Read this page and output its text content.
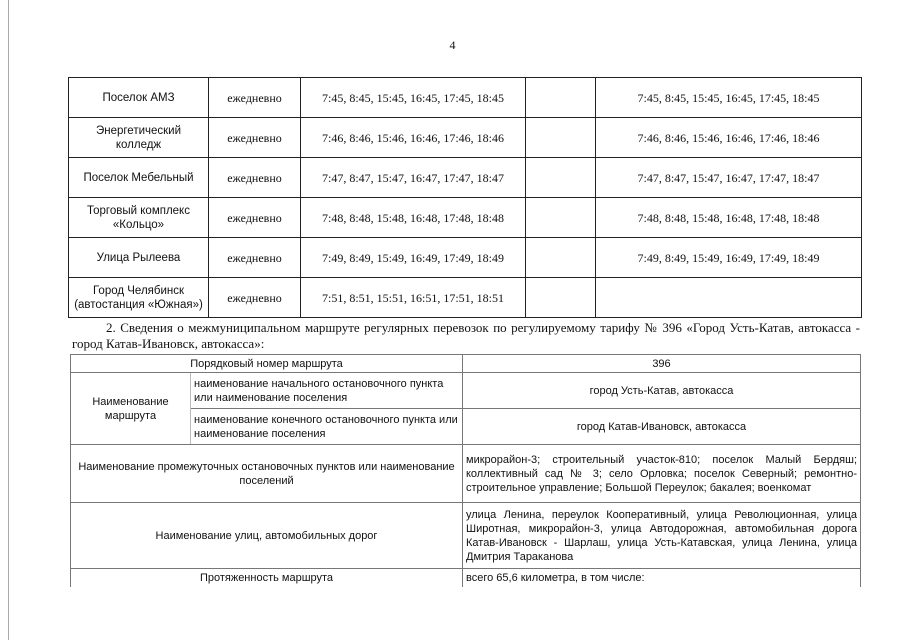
4
Поселок АМЗ	ежедневно	7:45, 8:45, 15:45, 16:45, 17:45, 18:45		7:45, 8:45, 15:45, 16:45, 17:45, 18:45
Энергетический колледж	ежедневно	7:46, 8:46, 15:46, 16:46, 17:46, 18:46		7:46, 8:46, 15:46, 16:46, 17:46, 18:46
Поселок Мебельный	ежедневно	7:47, 8:47, 15:47, 16:47, 17:47, 18:47		7:47, 8:47, 15:47, 16:47, 17:47, 18:47
Торговый комплекс «Кольцо»	ежедневно	7:48, 8:48, 15:48, 16:48, 17:48, 18:48		7:48, 8:48, 15:48, 16:48, 17:48, 18:48
Улица Рылеева	ежедневно	7:49, 8:49, 15:49, 16:49, 17:49, 18:49		7:49, 8:49, 15:49, 16:49, 17:49, 18:49
Город Челябинск (автостанция «Южная»)	ежедневно	7:51, 8:51, 15:51, 16:51, 17:51, 18:51		
2. Сведения о межмуниципальном маршруте регулярных перевозок по регулируемому тарифу № 396 «Город Усть-Катав, автокасса - город Катав-Ивановск, автокасса»:
Порядковый номер маршрута		396
Наименование маршрута	наименование начального остановочного пункта или наименование поселения	город Усть-Катав, автокасса
	наименование конечного остановочного пункта или наименование поселения	город Катав-Ивановск, автокасса
Наименование промежуточных остановочных пунктов или наименование поселений		микрорайон-3; строительный участок-810; поселок Малый Бердяш; коллективный сад № 3; село Орловка; поселок Северный; ремонтно-строительное управление; Большой Переулок; бакалея; военкомат
Наименование улиц, автомобильных дорог		улица Ленина, переулок Кооперативный, улица Революционная, улица Широтная, микрорайон-3, улица Автодорожная, автомобильная дорога Катав-Ивановск - Шарлаш, улица Усть-Катавская, улица Ленина, улица Дмитрия Тараканова
Протяженность маршрута		всего 65,6 километра, в том числе:
